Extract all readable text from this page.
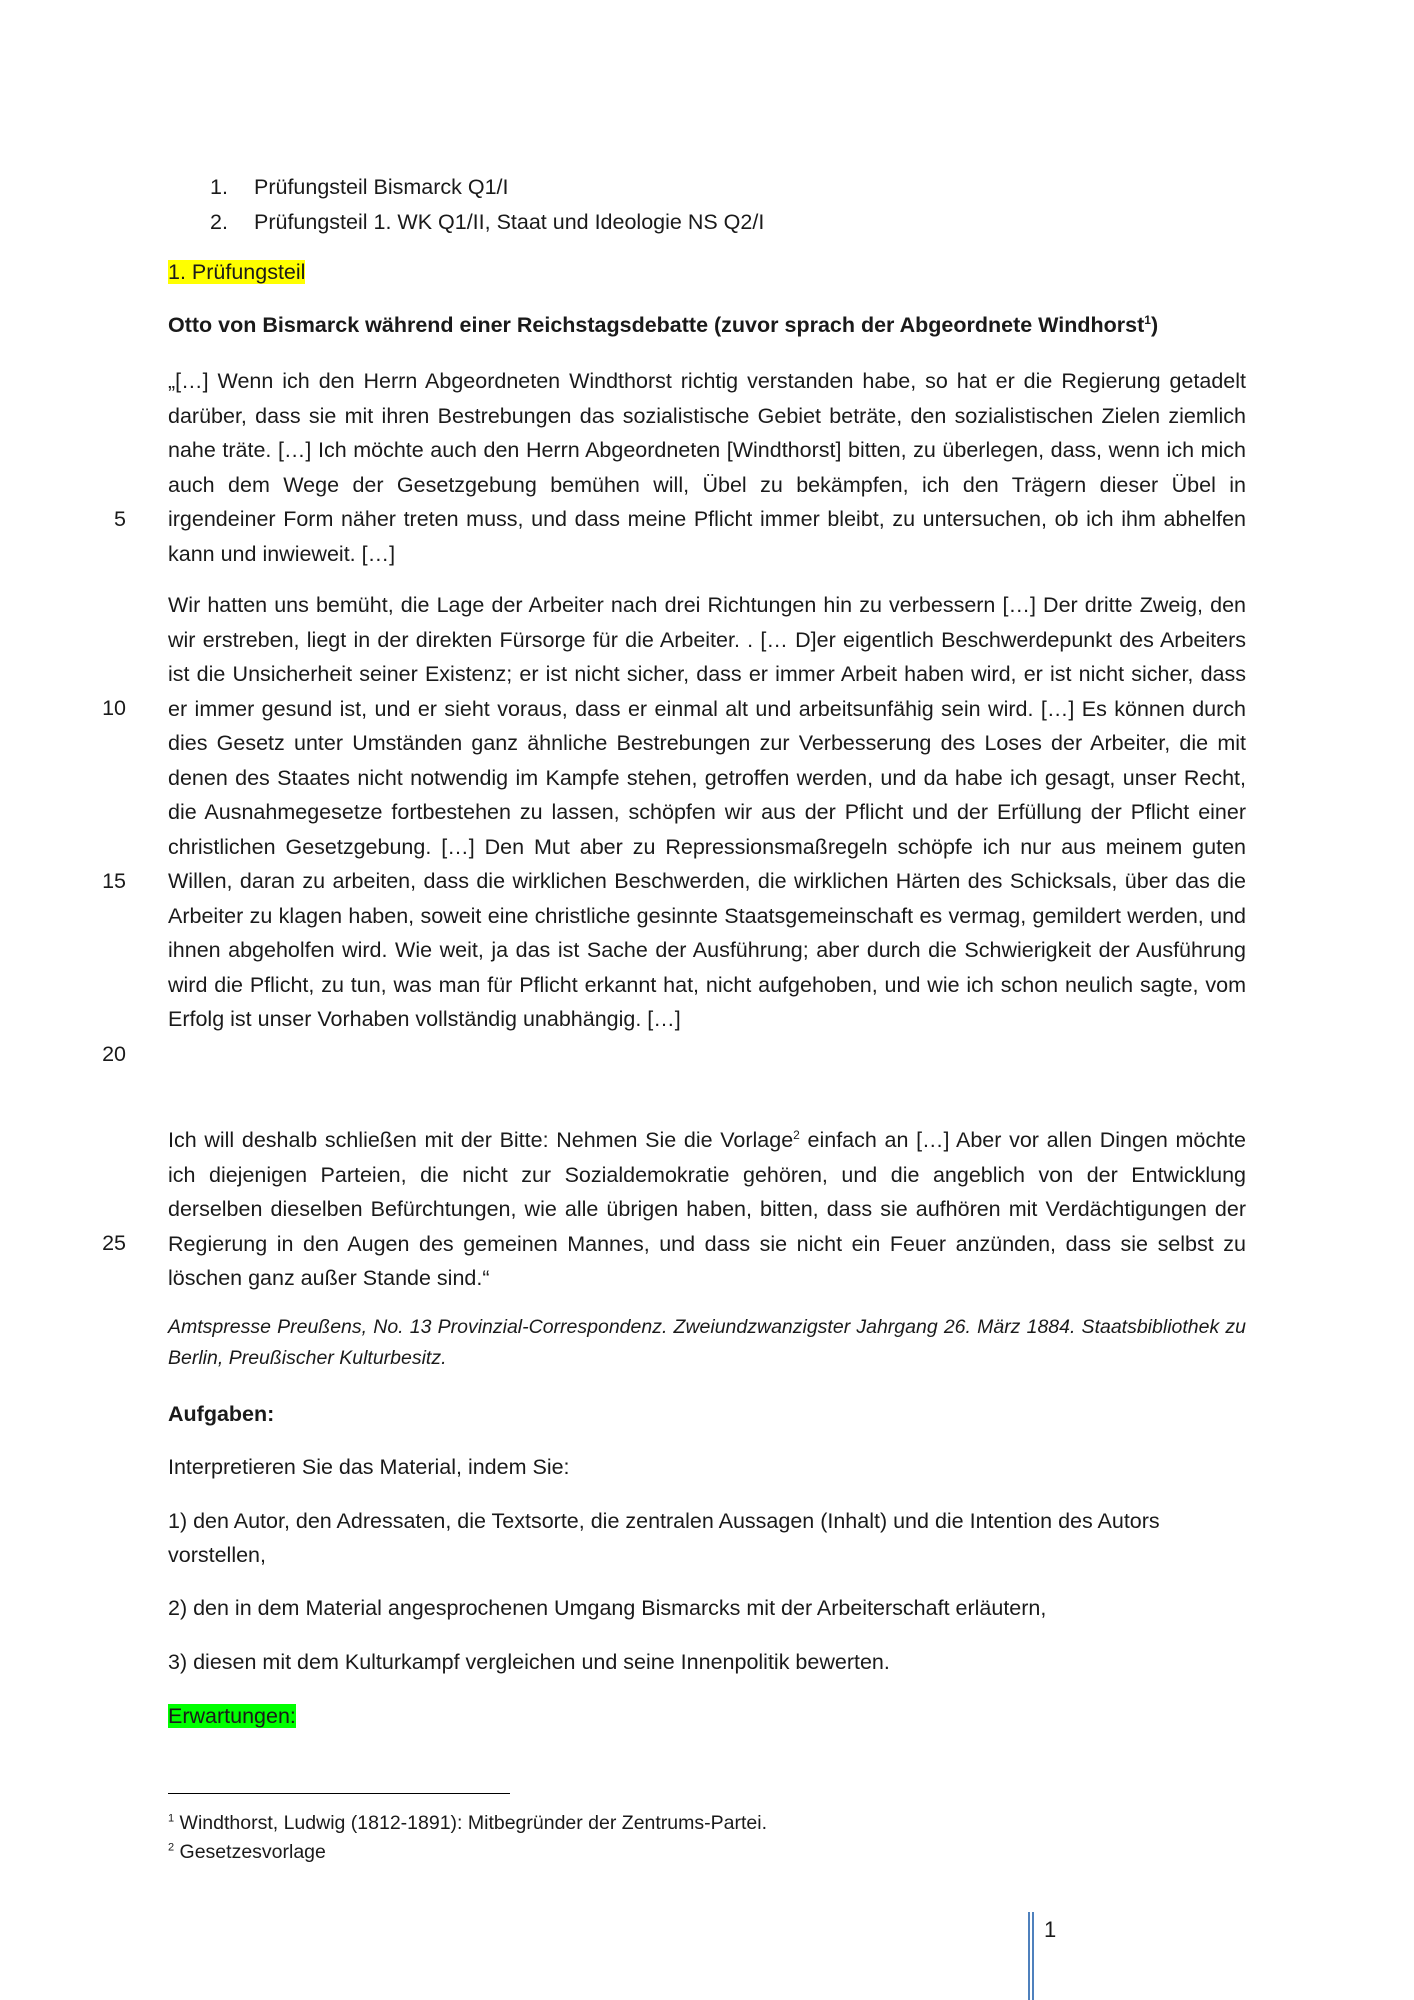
1. Prüfungsteil Bismarck Q1/I
2. Prüfungsteil 1. WK Q1/II, Staat und Ideologie NS Q2/I

1. Prüfungsteil

Otto von Bismarck während einer Reichstagsdebatte (zuvor sprach der Abgeordnete Windhorst$^1$)

„[…] Wenn ich den Herrn Abgeordneten Windthorst richtig verstanden habe, so hat er die Regierung getadelt darüber, dass sie mit ihren Bestrebungen das sozialistische Gebiet beträte, den sozialistischen Zielen ziemlich nahe träte. […] Ich möchte auch den Herrn Abgeordneten [Windthorst] bitten, zu überlegen, dass, wenn ich mich auch dem Wege der Gesetzgebung bemühen will, Übel zu bekämpfen, ich den Trägern dieser Übel in irgendeiner Form näher treten muss, und dass meine Pflicht immer bleibt, zu untersuchen, ob ich ihm abhelfen kann und inwieweit. […]

Wir hatten uns bemüht, die Lage der Arbeiter nach drei Richtungen hin zu verbessern […] Der dritte Zweig, den wir erstreben, liegt in der direkten Fürsorge für die Arbeiter. . [… D]er eigentlich Beschwerdepunkt des Arbeiters ist die Unsicherheit seiner Existenz; er ist nicht sicher, dass er immer Arbeit haben wird, er ist nicht sicher, dass er immer gesund ist, und er sieht voraus, dass er einmal alt und arbeitsunfähig sein wird. […] Es können durch dies Gesetz unter Umständen ganz ähnliche Bestrebungen zur Verbesserung des Loses der Arbeiter, die mit denen des Staates nicht notwendig im Kampfe stehen, getroffen werden, und da habe ich gesagt, unser Recht, die Ausnahmegesetze fortbestehen zu lassen, schöpfen wir aus der Pflicht und der Erfüllung der Pflicht einer christlichen Gesetzgebung. […] Den Mut aber zu Repressionsmaßregeln schöpfe ich nur aus meinem guten Willen, daran zu arbeiten, dass die wirklichen Beschwerden, die wirklichen Härten des Schicksals, über das die Arbeiter zu klagen haben, soweit eine christliche gesinnte Staatsgemeinschaft es vermag, gemildert werden, und ihnen abgeholfen wird. Wie weit, ja das ist Sache der Ausführung; aber durch die Schwierigkeit der Ausführung wird die Pflicht, zu tun, was man für Pflicht erkannt hat, nicht aufgehoben, und wie ich schon neulich sagte, vom Erfolg ist unser Vorhaben vollständig unabhängig. […]

Ich will deshalb schließen mit der Bitte: Nehmen Sie die Vorlage$^2$ einfach an […] Aber vor allen Dingen möchte ich diejenigen Parteien, die nicht zur Sozialdemokratie gehören, und die angeblich von der Entwicklung derselben dieselben Befürchtungen, wie alle übrigen haben, bitten, dass sie aufhören mit Verdächtigungen der Regierung in den Augen des gemeinen Mannes, und dass sie nicht ein Feuer anzünden, dass sie selbst zu löschen ganz außer Stande sind.“

5
10
15
20
25

Amtspresse Preußens, No. 13 Provinzial-Correspondenz. Zweiundzwanzigster Jahrgang 26. März 1884. Staatsbibliothek zu Berlin, Preußischer Kulturbesitz.

Aufgaben:

Interpretieren Sie das Material, indem Sie:

1) den Autor, den Adressaten, die Textsorte, die zentralen Aussagen (Inhalt) und die Intention des Autors vorstellen,

2) den in dem Material angesprochenen Umgang Bismarcks mit der Arbeiterschaft erläutern,

3) diesen mit dem Kulturkampf vergleichen und seine Innenpolitik bewerten.

Erwartungen:

$^1$ Windthorst, Ludwig (1812-1891): Mitbegründer der Zentrums-Partei.
$^2$ Gesetzesvorlage
1
